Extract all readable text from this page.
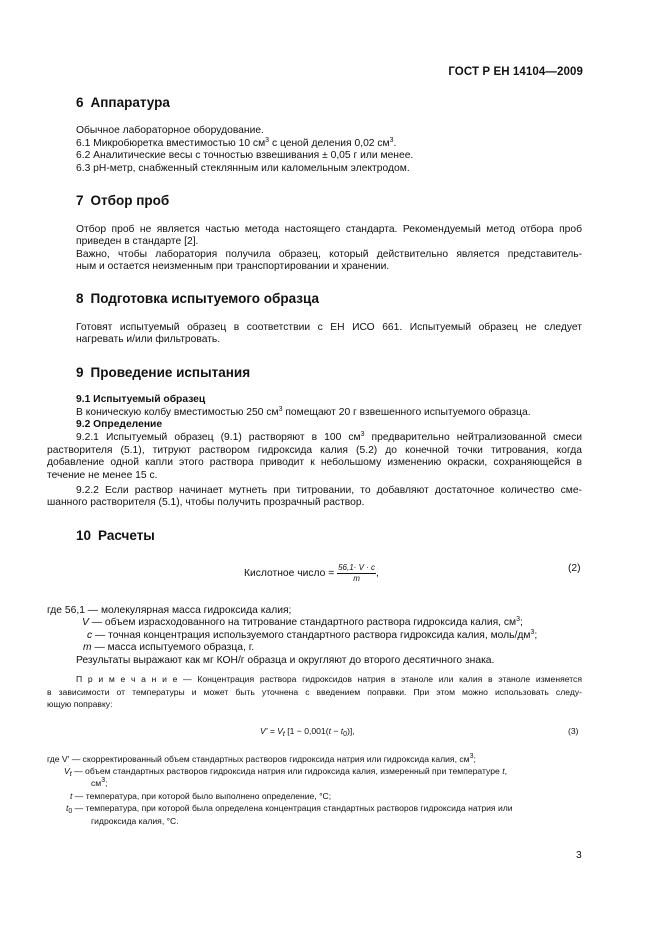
ГОСТ Р ЕН 14104—2009
6 Аппаратура
Обычное лабораторное оборудование.
6.1 Микробюретка вместимостью 10 $см^3$ с ценой деления 0,02 $см^3$.
6.2 Аналитические весы с точностью взвешивания ± 0,05 г или менее.
6.3 pH-метр, снабженный стеклянным или каломельным электродом.
7 Отбор проб
Отбор проб не является частью метода настоящего стандарта. Рекомендуемый метод отбора проб
приведен в стандарте [2].
Важно, чтобы лаборатория получила образец, который действительно является представитель-
ным и остается неизменным при транспортировании и хранении.
8 Подготовка испытуемого образца
Готовят испытуемый образец в соответствии с ЕН ИСО 661. Испытуемый образец не следует
нагревать и/или фильтровать.
9 Проведение испытания
9.1 Испытуемый образец
В коническую колбу вместимостью 250 $см^3$ помещают 20 г взвешенного испытуемого образца.
9.2 Определение
9.2.1 Испытуемый образец (9.1) растворяют в 100 $см^3$ предварительно нейтрализованной смеси
растворителя (5.1), титруют раствором гидроксида калия (5.2) до конечной точки титрования, когда
добавление одной капли этого раствора приводит к небольшому изменению окраски, сохраняющейся в
течение не менее 15 с.
9.2.2 Если раствор начинает мутнеть при титровании, то добавляют достаточное количество сме-
шанного растворителя (5.1), чтобы получить прозрачный раствор.
10 Расчеты
Кислотное число = $\frac{56,1\cdot V \cdot c}{m}$ ,	(2)
где 56,1 — молекулярная масса гидроксида калия;
V — объем израсходованного на титрование стандартного раствора гидроксида калия, $см^3$;
c — точная концентрация используемого стандартного раствора гидроксида калия, моль/$дм^3$;
m — масса испытуемого образца, г.
Результаты выражают как мг КОН/г образца и округляют до второго десятичного знака.
П р и м е ч а н и е — Концентрация раствора гидроксидов натрия в этаноле или калия в этаноле изменяется
в зависимости от температуры и может быть уточнена с введением поправки. При этом можно использовать следу-
ющую поправку:
$V' = V_t$ $[1 - 0,001(t - t_0)]$,	(3)
где V' — скорректированный объем стандартных растворов гидроксида натрия или гидроксида калия, $см^3$;
$V_t$ — объем стандартных растворов гидроксида натрия или гидроксида калия, измеренный при температуре t,
$см^3$;
t — температура, при которой было выполнено определение, °С;
$t_0$ — температура, при которой была определена концентрация стандартных растворов гидроксида натрия или
гидроксида калия, °С.
3
